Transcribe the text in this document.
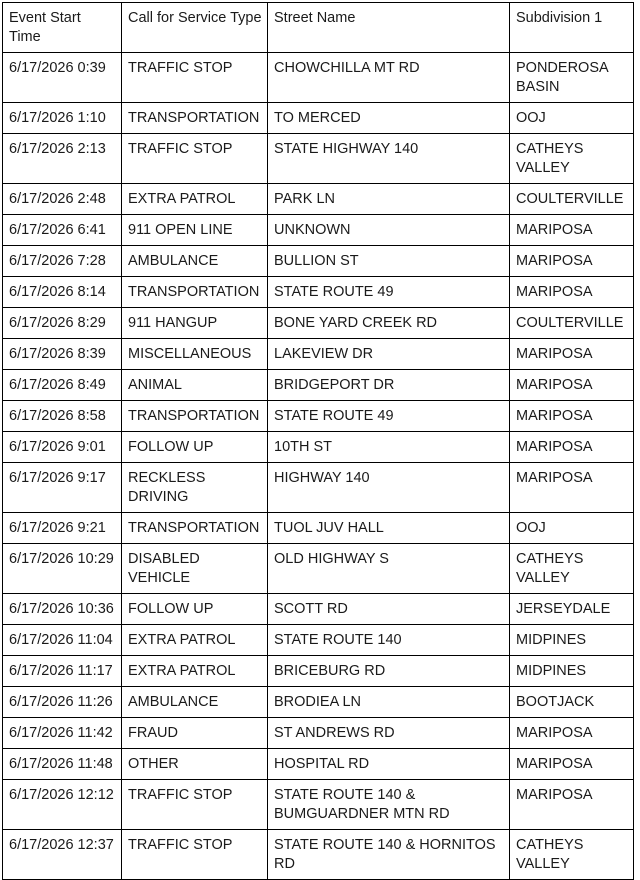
Event Start Time	Call for Service Type	Street Name	Subdivision 1
6/17/2026 0:39	TRAFFIC STOP	CHOWCHILLA MT RD	PONDEROSA BASIN
6/17/2026 1:10	TRANSPORTATION	TO MERCED	OOJ
6/17/2026 2:13	TRAFFIC STOP	STATE HIGHWAY 140	CATHEYS VALLEY
6/17/2026 2:48	EXTRA PATROL	PARK LN	COULTERVILLE
6/17/2026 6:41	911 OPEN LINE	UNKNOWN	MARIPOSA
6/17/2026 7:28	AMBULANCE	BULLION ST	MARIPOSA
6/17/2026 8:14	TRANSPORTATION	STATE ROUTE 49	MARIPOSA
6/17/2026 8:29	911 HANGUP	BONE YARD CREEK RD	COULTERVILLE
6/17/2026 8:39	MISCELLANEOUS	LAKEVIEW DR	MARIPOSA
6/17/2026 8:49	ANIMAL	BRIDGEPORT DR	MARIPOSA
6/17/2026 8:58	TRANSPORTATION	STATE ROUTE 49	MARIPOSA
6/17/2026 9:01	FOLLOW UP	10TH ST	MARIPOSA
6/17/2026 9:17	RECKLESS DRIVING	HIGHWAY 140	MARIPOSA
6/17/2026 9:21	TRANSPORTATION	TUOL JUV HALL	OOJ
6/17/2026 10:29	DISABLED VEHICLE	OLD HIGHWAY S	CATHEYS VALLEY
6/17/2026 10:36	FOLLOW UP	SCOTT RD	JERSEYDALE
6/17/2026 11:04	EXTRA PATROL	STATE ROUTE 140	MIDPINES
6/17/2026 11:17	EXTRA PATROL	BRICEBURG RD	MIDPINES
6/17/2026 11:26	AMBULANCE	BRODIEA LN	BOOTJACK
6/17/2026 11:42	FRAUD	ST ANDREWS RD	MARIPOSA
6/17/2026 11:48	OTHER	HOSPITAL RD	MARIPOSA
6/17/2026 12:12	TRAFFIC STOP	STATE ROUTE 140 & BUMGUARDNER MTN RD	MARIPOSA
6/17/2026 12:37	TRAFFIC STOP	STATE ROUTE 140 & HORNITOS RD	CATHEYS VALLEY
